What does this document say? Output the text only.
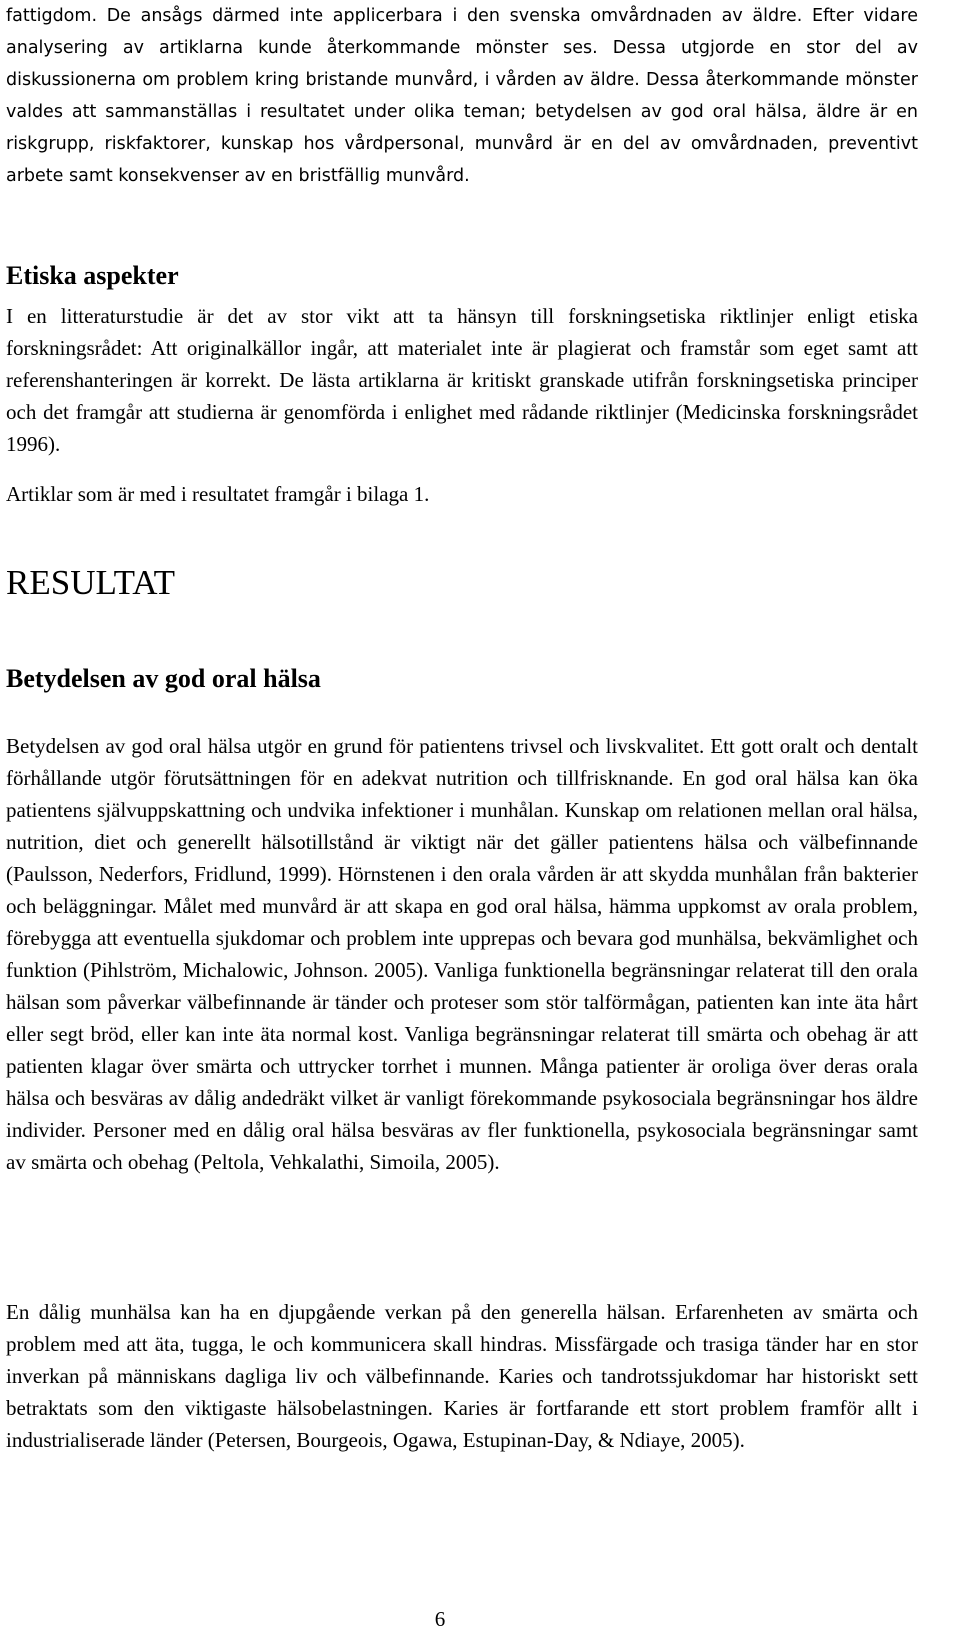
fattigdom. De ansågs därmed inte applicerbara i den svenska omvårdnaden av äldre. Efter vidare analysering av artiklarna kunde återkommande mönster ses. Dessa utgjorde en stor del av diskussionerna om problem kring bristande munvård, i vården av äldre. Dessa återkommande mönster valdes att sammanställas i resultatet under olika teman; betydelsen av god oral hälsa, äldre är en riskgrupp, riskfaktorer, kunskap hos vårdpersonal, munvård är en del av omvårdnaden, preventivt arbete samt konsekvenser av en bristfällig munvård.

Etiska aspekter

I en litteraturstudie är det av stor vikt att ta hänsyn till forskningsetiska riktlinjer enligt etiska forskningsrådet: Att originalkällor ingår, att materialet inte är plagierat och framstår som eget samt att referenshanteringen är korrekt. De lästa artiklarna är kritiskt granskade utifrån forskningsetiska principer och det framgår att studierna är genomförda i enlighet med rådande riktlinjer (Medicinska forskningsrådet 1996).

Artiklar som är med i resultatet framgår i bilaga 1.

RESULTAT
Betydelsen av god oral hälsa

Betydelsen av god oral hälsa utgör en grund för patientens trivsel och livskvalitet. Ett gott oralt och dentalt förhållande utgör förutsättningen för en adekvat nutrition och tillfrisknande. En god oral hälsa kan öka patientens självuppskattning och undvika infektioner i munhålan. Kunskap om relationen mellan oral hälsa, nutrition, diet och generellt hälsotillstånd är viktigt när det gäller patientens hälsa och välbefinnande (Paulsson, Nederfors, Fridlund, 1999). Hörnstenen i den orala vården är att skydda munhålan från bakterier och beläggningar. Målet med munvård är att skapa en god oral hälsa, hämma uppkomst av orala problem, förebygga att eventuella sjukdomar och problem inte upprepas och bevara god munhälsa, bekvämlighet och funktion (Pihlström, Michalowic, Johnson. 2005). Vanliga funktionella begränsningar relaterat till den orala hälsan som påverkar välbefinnande är tänder och proteser som stör talförmågan, patienten kan inte äta hårt eller segt bröd, eller kan inte äta normal kost. Vanliga begränsningar relaterat till smärta och obehag är att patienten klagar över smärta och uttrycker torrhet i munnen. Många patienter är oroliga över deras orala hälsa och besväras av dålig andedräkt vilket är vanligt förekommande psykosociala begränsningar hos äldre individer. Personer med en dålig oral hälsa besväras av fler funktionella, psykosociala begränsningar samt av smärta och obehag (Peltola, Vehkalathi, Simoila, 2005).

En dålig munhälsa kan ha en djupgående verkan på den generella hälsan. Erfarenheten av smärta och problem med att äta, tugga, le och kommunicera skall hindras. Missfärgade och trasiga tänder har en stor inverkan på människans dagliga liv och välbefinnande. Karies och tandrotssjukdomar har historiskt sett betraktats som den viktigaste hälsobelastningen. Karies är fortfarande ett stort problem framför allt i industrialiserade länder (Petersen, Bourgeois, Ogawa, Estupinan-Day, & Ndiaye, 2005).

6
